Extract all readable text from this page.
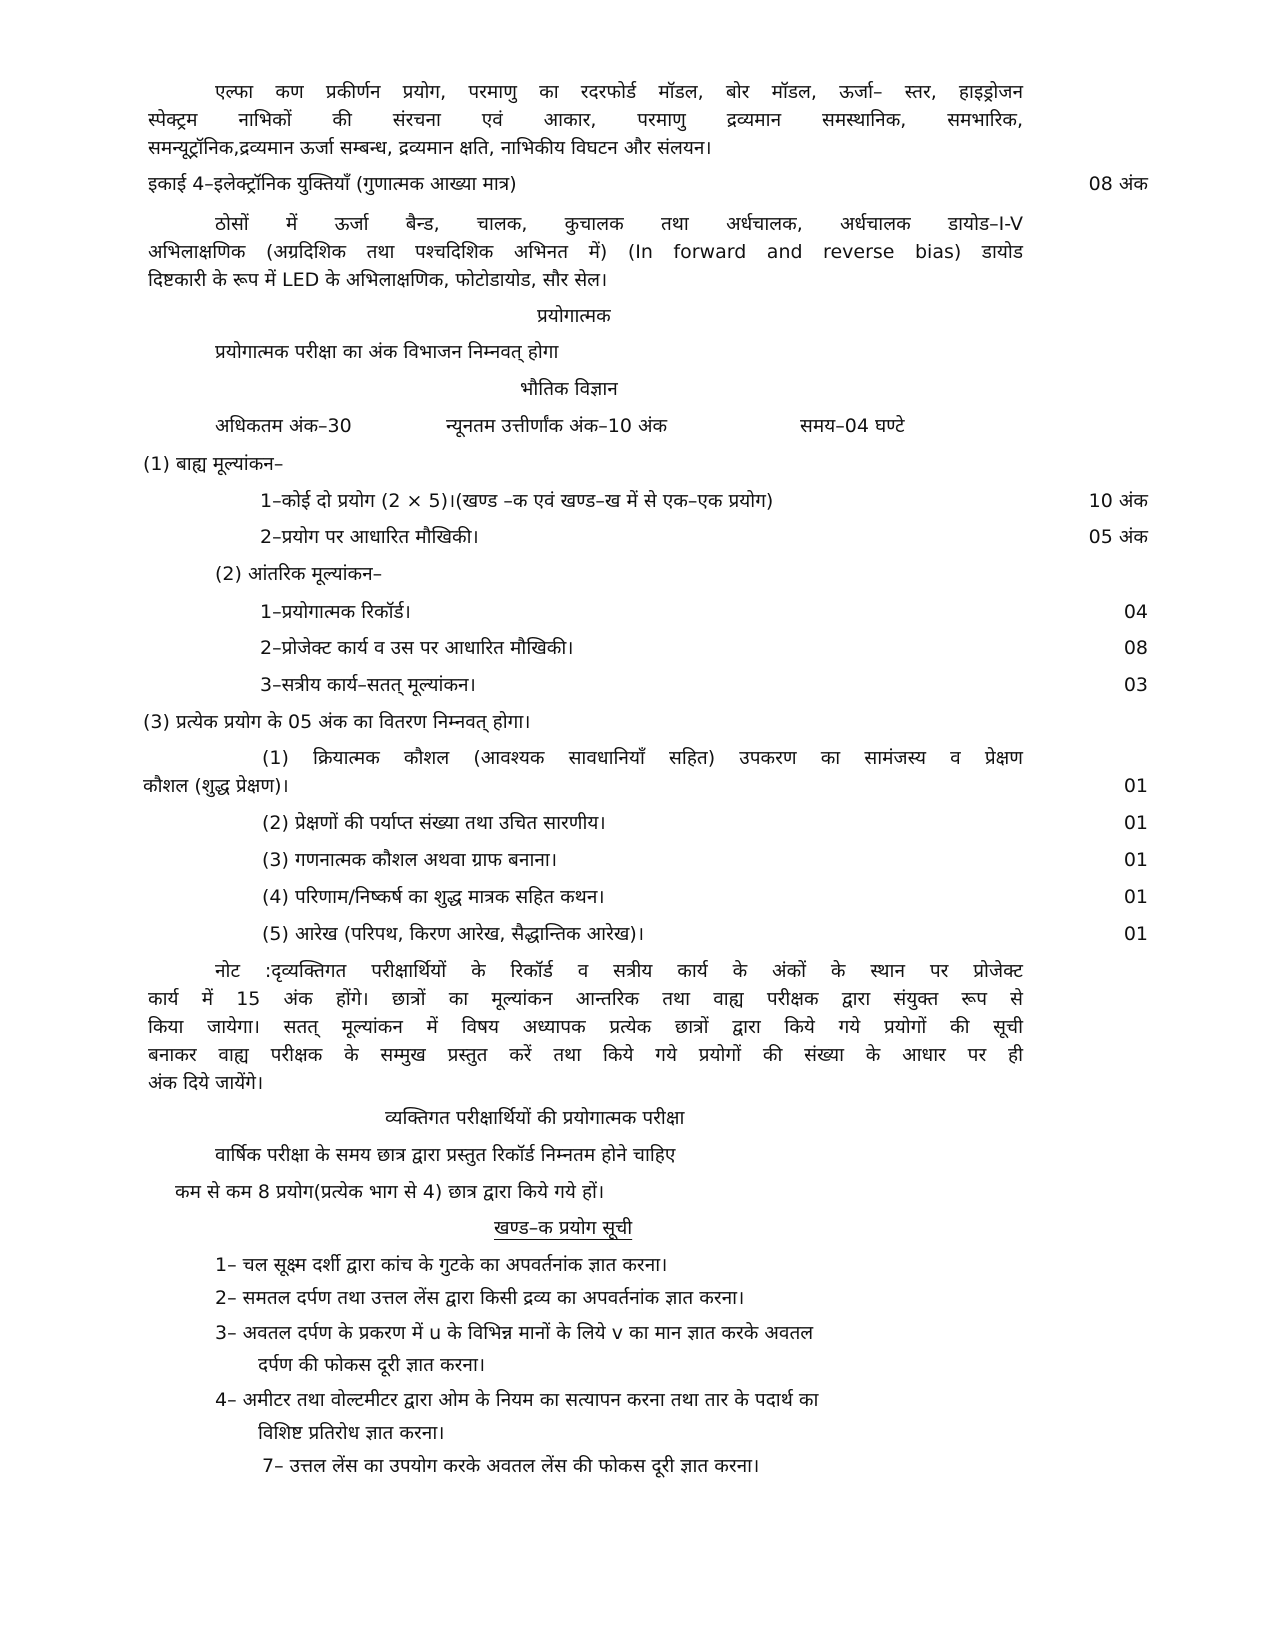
एल्फा कण प्रकीर्णन प्रयोग, परमाणु का रदरफोर्ड मॉडल, बोर मॉडल, ऊर्जा– स्तर, हाइड्रोजन
स्पेक्ट्रम नाभिकों की संरचना एवं आकार, परमाणु द्रव्यमान समस्थानिक, समभारिक,
समन्यूट्रॉनिक,द्रव्यमान ऊर्जा सम्बन्ध, द्रव्यमान क्षति, नाभिकीय विघटन और संलयन।
इकाई 4–इलेक्ट्रॉनिक युक्तियाँ (गुणात्मक आख्या मात्र)	08 अंक
ठोसों में ऊर्जा बैन्ड, चालक, कुचालक तथा अर्धचालक, अर्धचालक डायोड–I-V
अभिलाक्षणिक (अग्रदिशिक तथा पश्चदिशिक अभिनत में) (In forward and reverse bias) डायोड
दिष्टकारी के रूप में LED के अभिलाक्षणिक, फोटोडायोड, सौर सेल।
प्रयोगात्मक
प्रयोगात्मक परीक्षा का अंक विभाजन निम्नवत् होगा
भौतिक विज्ञान
अधिकतम अंक–30	न्यूनतम उत्तीर्णांक अंक–10 अंक	समय–04 घण्टे
(1) बाह्य मूल्यांकन–
1–कोई दो प्रयोग (2 × 5)।(खण्ड –क एवं खण्ड–ख में से एक–एक प्रयोग)	10 अंक
2–प्रयोग पर आधारित मौखिकी।	05 अंक
(2) आंतरिक मूल्यांकन–
1–प्रयोगात्मक रिकॉर्ड।	04
2–प्रोजेक्ट कार्य व उस पर आधारित मौखिकी।	08
3–सत्रीय कार्य–सतत् मूल्यांकन।	03
(3) प्रत्येक प्रयोग के 05 अंक का वितरण निम्नवत् होगा।
(1) क्रियात्मक कौशल (आवश्यक सावधानियाँ सहित) उपकरण का सामंजस्य व प्रेक्षण
कौशल (शुद्ध प्रेक्षण)।	01
(2) प्रेक्षणों की पर्याप्त संख्या तथा उचित सारणीय।	01
(3) गणनात्मक कौशल अथवा ग्राफ बनाना।	01
(4) परिणाम/निष्कर्ष का शुद्ध मात्रक सहित कथन।	01
(5) आरेख (परिपथ, किरण आरेख, सैद्धान्तिक आरेख)।	01
नोट :दृव्यक्तिगत परीक्षार्थियों के रिकॉर्ड व सत्रीय कार्य के अंकों के स्थान पर प्रोजेक्ट
कार्य में 15 अंक होंगे। छात्रों का मूल्यांकन आन्तरिक तथा वाह्य परीक्षक द्वारा संयुक्त रूप से
किया जायेगा। सतत् मूल्यांकन में विषय अध्यापक प्रत्येक छात्रों द्वारा किये गये प्रयोगों की सूची
बनाकर वाह्य परीक्षक के सम्मुख प्रस्तुत करें तथा किये गये प्रयोगों की संख्या के आधार पर ही
अंक दिये जायेंगे।
व्यक्तिगत परीक्षार्थियों की प्रयोगात्मक परीक्षा
वार्षिक परीक्षा के समय छात्र द्वारा प्रस्तुत रिकॉर्ड निम्नतम होने चाहिए
कम से कम 8 प्रयोग(प्रत्येक भाग से 4) छात्र द्वारा किये गये हों।
खण्ड–क प्रयोग सूची
1– चल सूक्ष्म दर्शी द्वारा कांच के गुटके का अपवर्तनांक ज्ञात करना।
2– समतल दर्पण तथा उत्तल लेंस द्वारा किसी द्रव्य का अपवर्तनांक ज्ञात करना।
3– अवतल दर्पण के प्रकरण में u के विभिन्न मानों के लिये v का मान ज्ञात करके अवतल
दर्पण की फोकस दूरी ज्ञात करना।
4– अमीटर तथा वोल्टमीटर द्वारा ओम के नियम का सत्यापन करना तथा तार के पदार्थ का
विशिष्ट प्रतिरोध ज्ञात करना।
7– उत्तल लेंस का उपयोग करके अवतल लेंस की फोकस दूरी ज्ञात करना।
